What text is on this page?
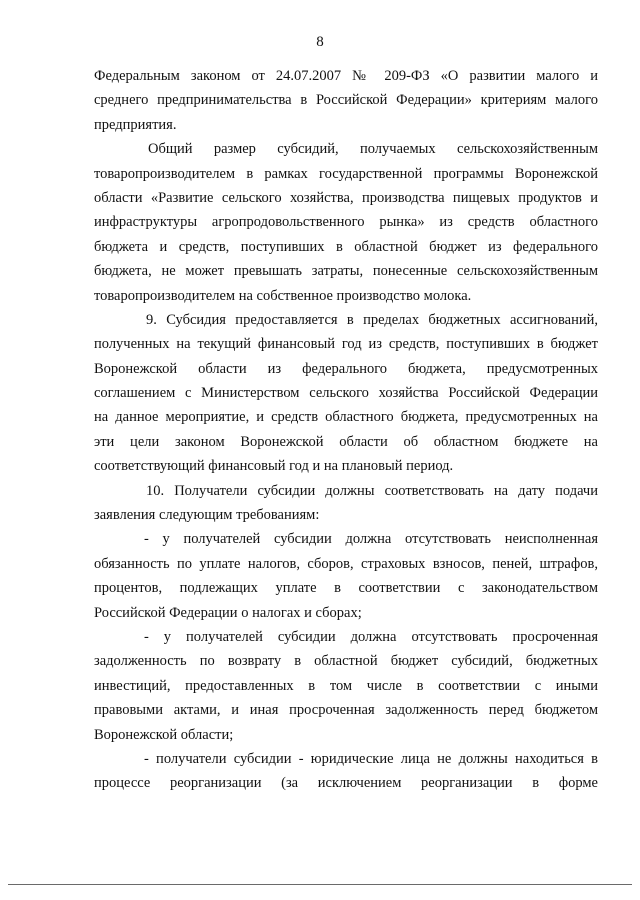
8
Федеральным законом от 24.07.2007 № 209-ФЗ «О развитии малого и
среднего предпринимательства в Российской Федерации» критериям малого
предприятия.
Общий размер субсидий, получаемых сельскохозяйственным
товаропроизводителем в рамках государственной программы Воронежской
области «Развитие сельского хозяйства, производства пищевых продуктов и
инфраструктуры агропродовольственного рынка» из средств областного
бюджета и средств, поступивших в областной бюджет из федерального
бюджета, не может превышать затраты, понесенные сельскохозяйственным
товаропроизводителем на собственное производство молока.
9. Субсидия предоставляется в пределах бюджетных ассигнований,
полученных на текущий финансовый год из средств, поступивших в бюджет
Воронежской области из федерального бюджета, предусмотренных
соглашением с Министерством сельского хозяйства Российской Федерации
на данное мероприятие, и средств областного бюджета, предусмотренных на
эти цели законом Воронежской области об областном бюджете на
соответствующий финансовый год и на плановый период.
10. Получатели субсидии должны соответствовать на дату подачи
заявления следующим требованиям:
- у получателей субсидии должна отсутствовать неисполненная
обязанность по уплате налогов, сборов, страховых взносов, пеней, штрафов,
процентов, подлежащих уплате в соответствии с законодательством
Российской Федерации о налогах и сборах;
- у получателей субсидии должна отсутствовать просроченная
задолженность по возврату в областной бюджет субсидий, бюджетных
инвестиций, предоставленных в том числе в соответствии с иными
правовыми актами, и иная просроченная задолженность перед бюджетом
Воронежской области;
- получатели субсидии - юридические лица не должны находиться в
процессе реорганизации (за исключением реорганизации в форме
